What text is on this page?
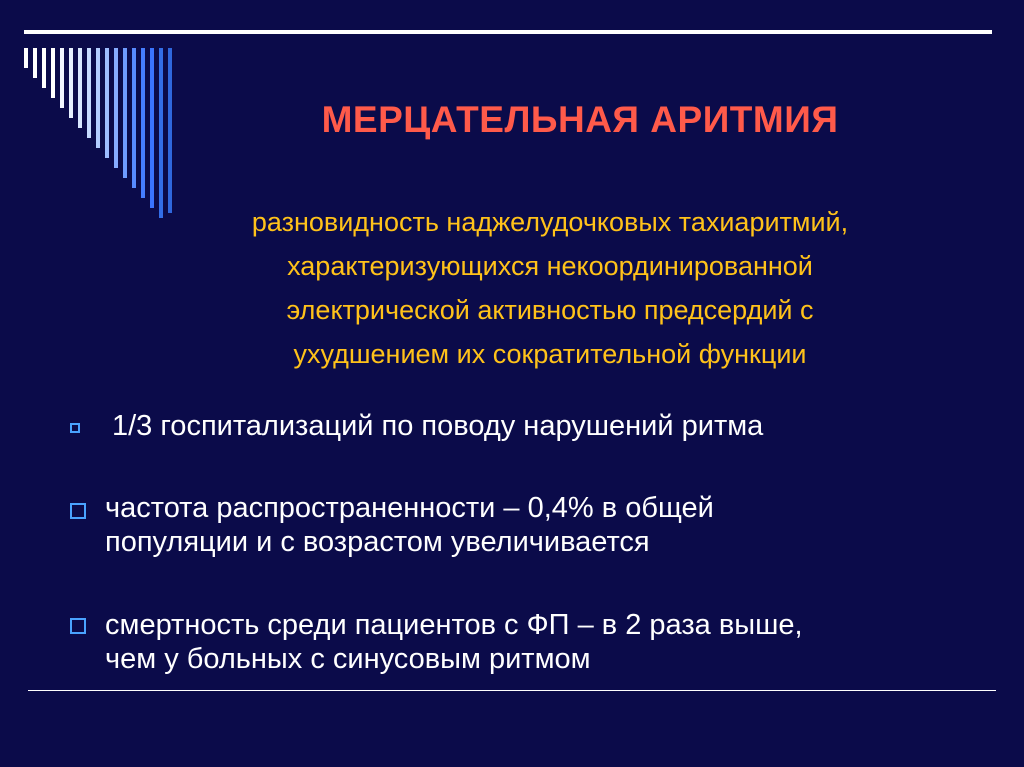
МЕРЦАТЕЛЬНАЯ АРИТМИЯ
разновидность наджелудочковых тахиаритмий,
характеризующихся некоординированной
электрической активностью предсердий с
ухудшением их сократительной функции
1/3 госпитализаций по поводу нарушений ритма
частота распространенности – 0,4% в общей
популяции и с возрастом увеличивается
смертность среди пациентов с ФП – в 2 раза выше,
чем у больных с синусовым ритмом
